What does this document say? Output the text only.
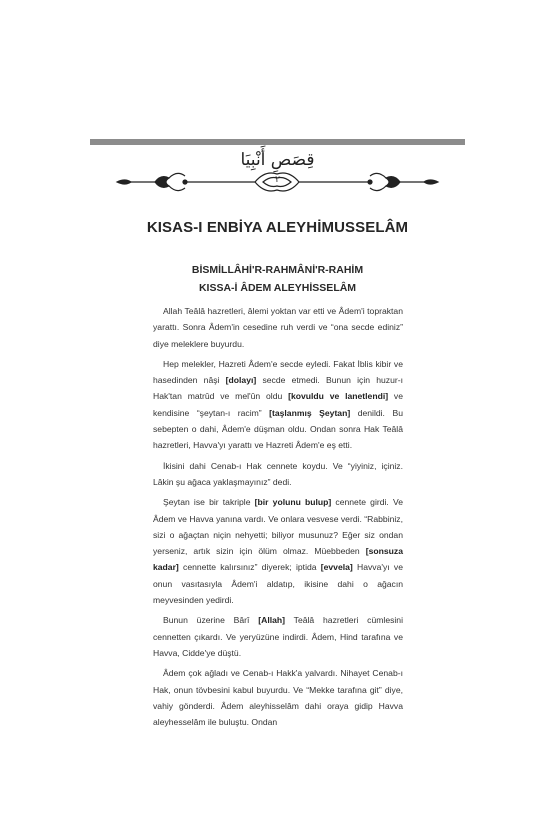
قِصَصِ أَنْبِيَا
٢
KISAS-I ENBİYA ALEYHİMUSSELÂM
BİSMİLLÂHİ'R-RAHMÂNİ'R-RAHİM
KISSA-İ ÂDEM ALEYHİSSELÂM

Allah Teâlâ hazretleri, âlemi yoktan var etti ve Âdem'i topraktan yarattı. Sonra Âdem'in cesedine ruh verdi ve “ona secde ediniz” diye meleklere buyurdu.

Hep melekler, Hazreti Âdem'e secde eyledi. Fakat İblis kibir ve hasedinden nâşi [dolayı] secde etmedi. Bunun için huzur-ı Hak'tan matrûd ve mel'ûn oldu [kovuldu ve lanetlendi] ve kendisine “şeytan-ı racim” [taşlanmış Şeytan] denildi. Bu sebepten o dahi, Âdem'e düşman oldu. Ondan sonra Hak Teâlâ hazretleri, Havva'yı yarattı ve Hazreti Âdem'e eş etti.

İkisini dahi Cenab-ı Hak cennete koydu. Ve “yiyiniz, içiniz. Lâkin şu ağaca yaklaşmayınız” dedi.

Şeytan ise bir takriple [bir yolunu bulup] cennete girdi. Ve Âdem ve Havva yanına vardı. Ve onlara vesvese verdi. “Rabbiniz, sizi o ağaçtan niçin nehyetti; biliyor musunuz? Eğer siz ondan yerseniz, artık sizin için ölüm olmaz. Müebbeden [sonsuza kadar] cennette kalırsınız” diyerek; iptida [evvela] Havva'yı ve onun vasıtasıyla Âdem'i aldatıp, ikisine dahi o ağacın meyvesinden yedirdi.

Bunun üzerine Bârî [Allah] Teâlâ hazretleri cümlesini cennetten çıkardı. Ve yeryüzüne indirdi. Âdem, Hind tarafına ve Havva, Cidde'ye düştü.

Âdem çok ağladı ve Cenab-ı Hakk'a yalvardı. Nihayet Cenab-ı Hak, onun tövbesini kabul buyurdu. Ve “Mekke tarafına git” diye, vahiy gönderdi. Âdem aleyhisselâm dahi oraya gidip Havva aleyhesselâm ile buluştu. Ondan
